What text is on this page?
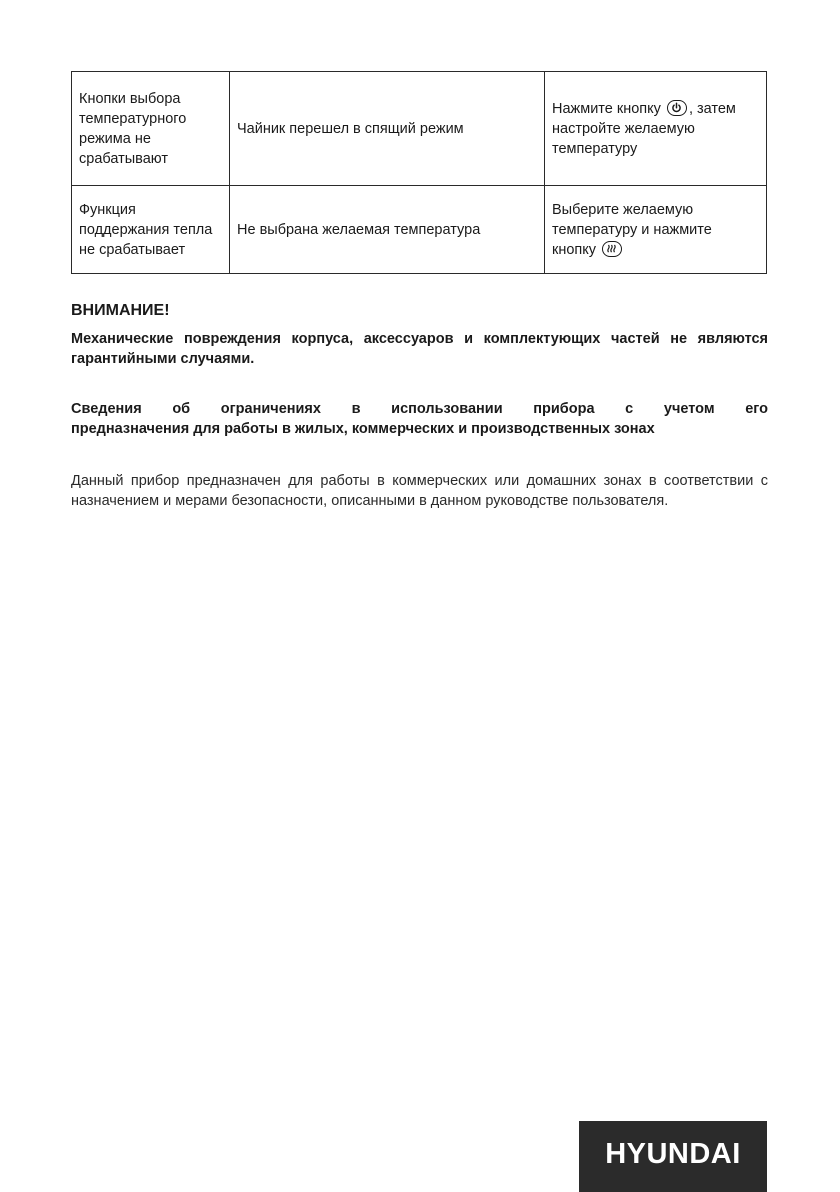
Кнопки выбора температурного режима не срабатывают	Чайник перешел в спящий режим	Нажмите кнопку , затем настройте желаемую температуру
Функция поддержания тепла не срабатывает	Не выбрана желаемая температура	Выберите желаемую температуру и нажмите кнопку
ВНИМАНИЕ!
Механические повреждения корпуса, аксессуаров и комплектующих частей не являются гарантийными случаями.
Сведения об ограничениях в использовании прибора с учетом его
предназначения для работы в жилых, коммерческих и производственных зонах
Данный прибор предназначен для работы в коммерческих или домашних зонах в соответствии с назначением и мерами безопасности, описанными в данном руководстве пользователя.
HYUNDAI
